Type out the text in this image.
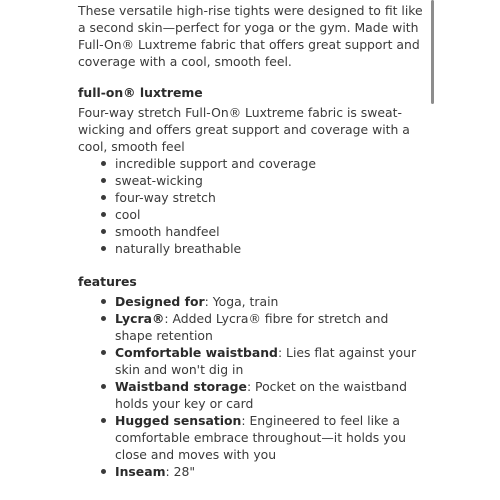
These versatile high-rise tights were designed to fit like a second skin—perfect for yoga or the gym. Made with Full-On® Luxtreme fabric that offers great support and coverage with a cool, smooth feel.

full-on® luxtreme

Four-way stretch Full-On® Luxtreme fabric is sweat-wicking and offers great support and coverage with a cool, smooth feel

incredible support and coverage
sweat-wicking
four-way stretch
cool
smooth handfeel
naturally breathable
features
Designed for: Yoga, train
Lycra®: Added Lycra® fibre for stretch and shape retention
Comfortable waistband: Lies flat against your skin and won't dig in
Waistband storage: Pocket on the waistband holds your key or card
Hugged sensation: Engineered to feel like a comfortable embrace throughout—it holds you close and moves with you
Inseam: 28"
